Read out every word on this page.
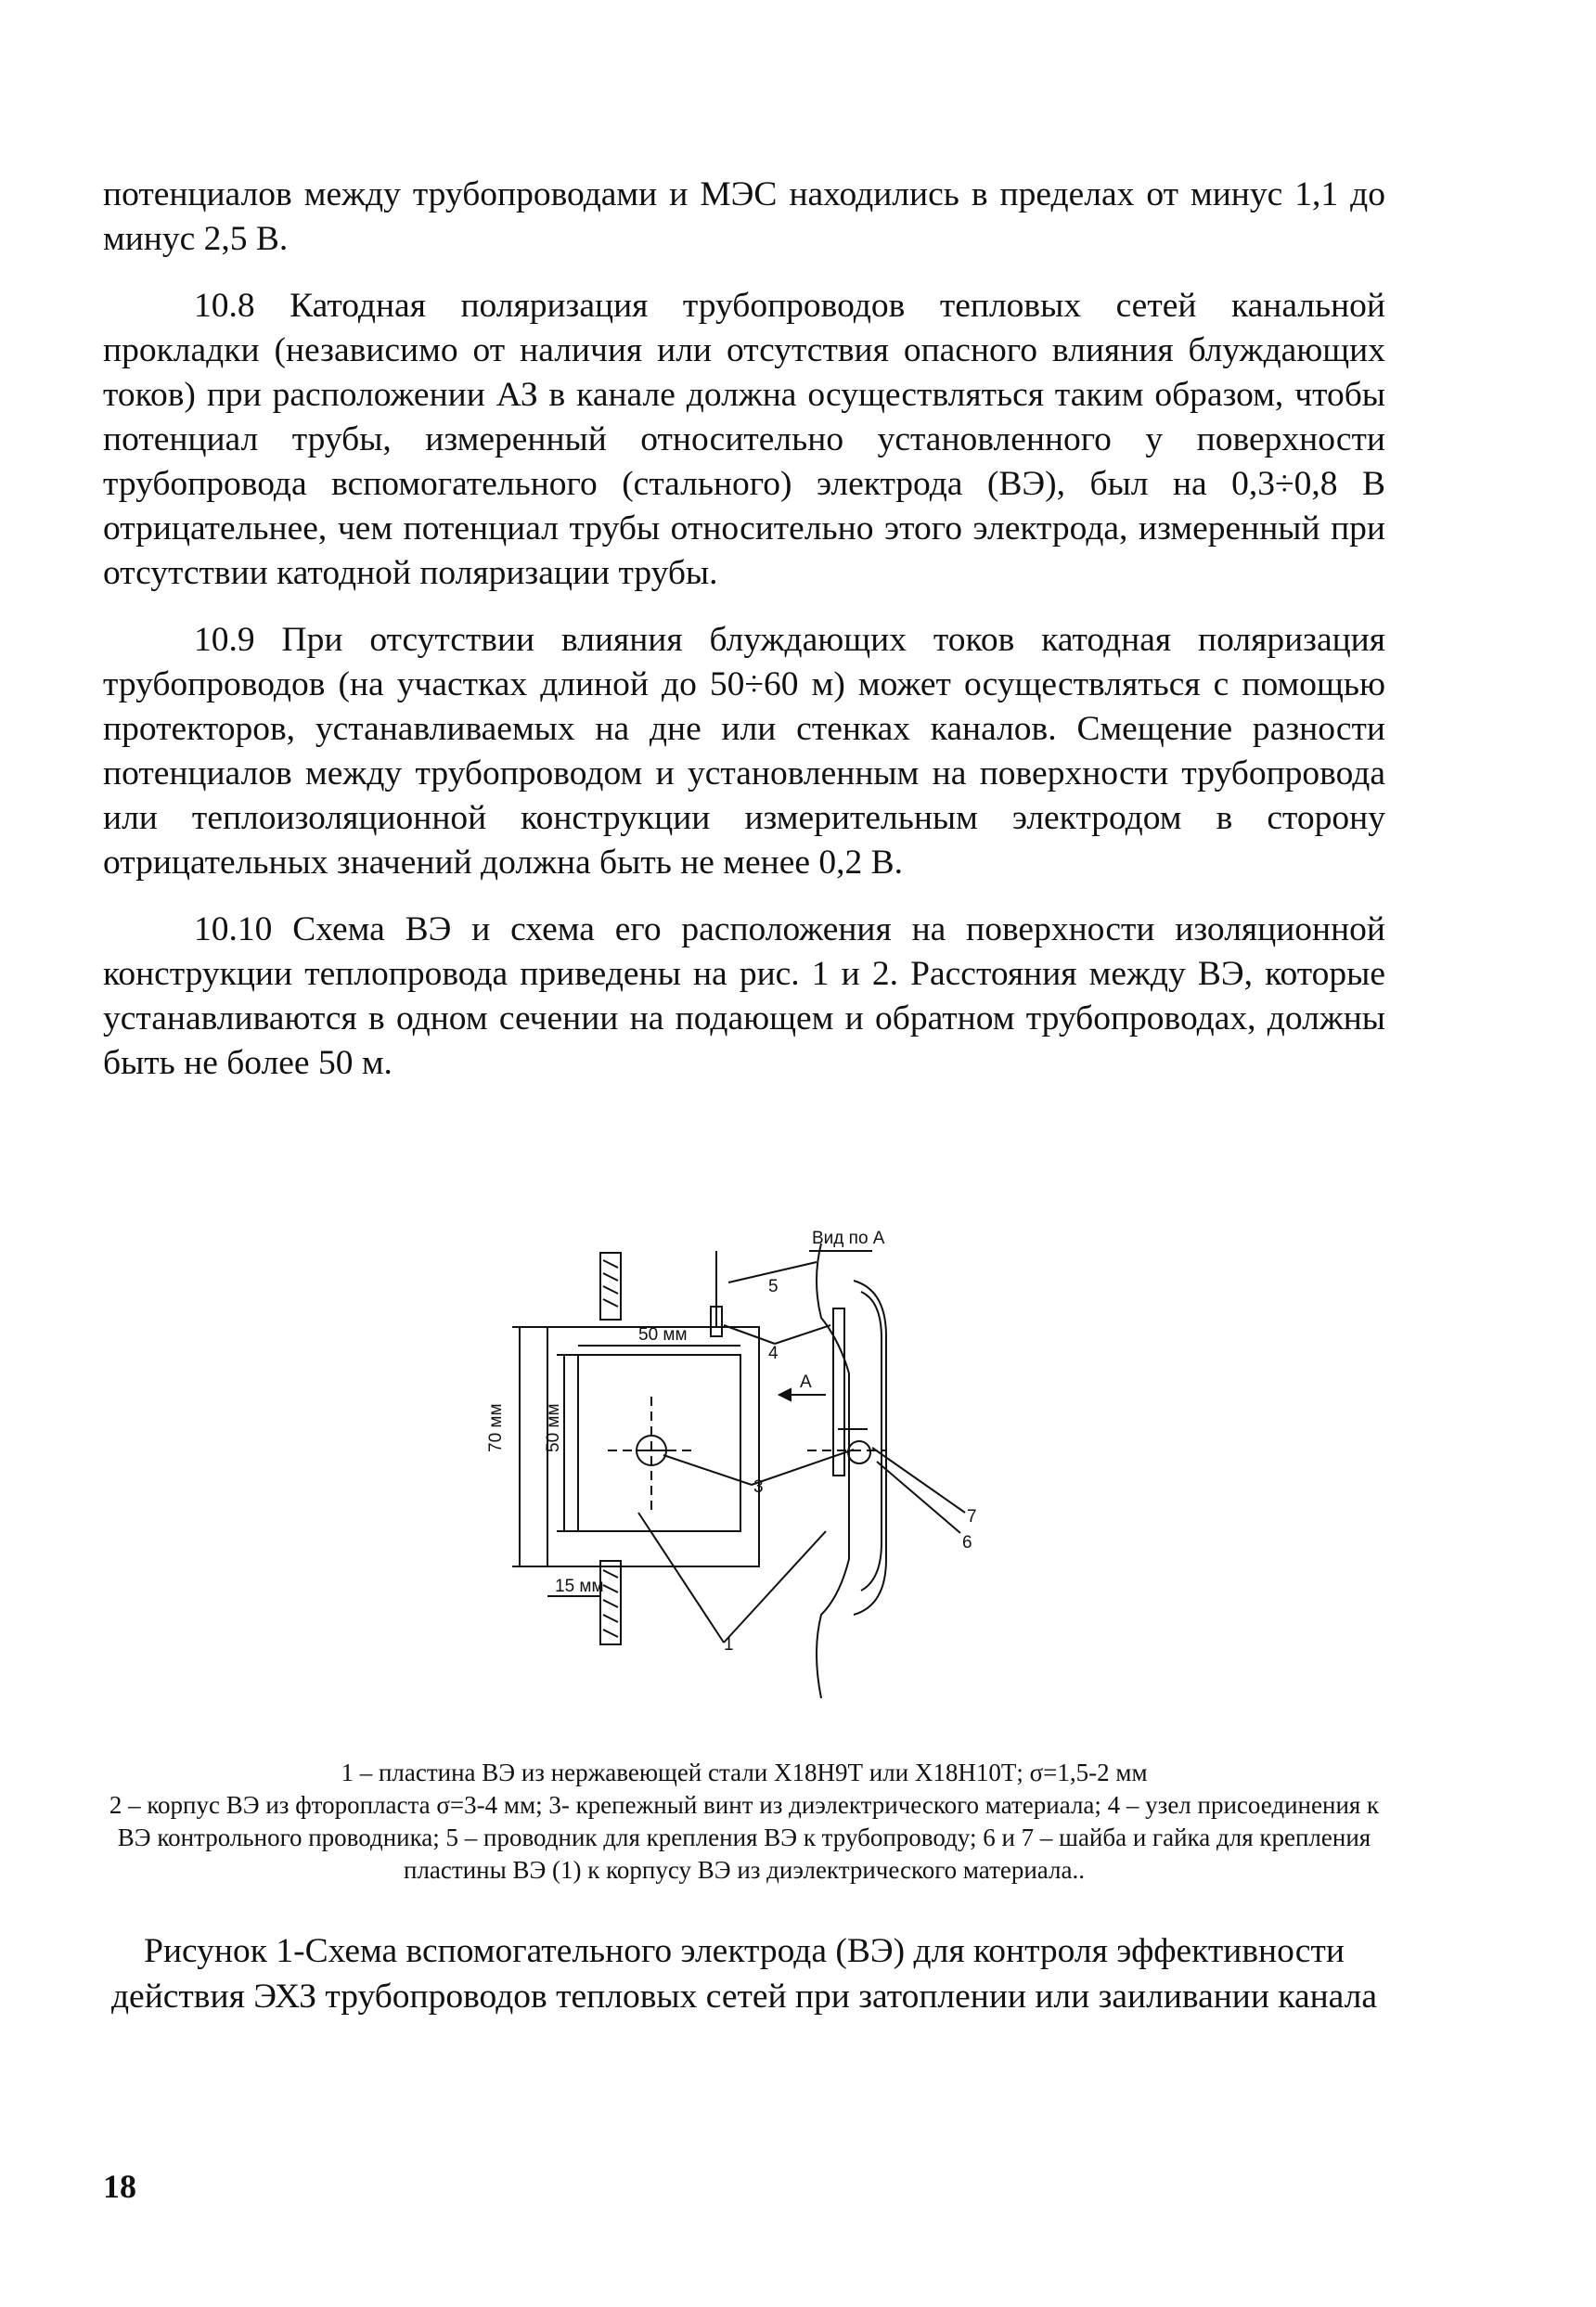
потенциалов между трубопроводами и МЭС находились в пределах от минус 1,1 до минус 2,5 В.

10.8 Катодная поляризация трубопроводов тепловых сетей канальной прокладки (независимо от наличия или отсутствия опасного влияния блуждающих токов) при расположении АЗ в канале должна осуществляться таким образом, чтобы потенциал трубы, измеренный относительно установленного у поверхности трубопровода вспомогательного (стального) электрода (ВЭ), был на 0,3÷0,8 В отрицательнее, чем потенциал трубы относительно этого электрода, измеренный при отсутствии катодной поляризации трубы.

10.9 При отсутствии влияния блуждающих токов катодная поляризация трубопроводов (на участках длиной до 50÷60 м) может осуществляться с помощью протекторов, устанавливаемых на дне или стенках каналов. Смещение разности потенциалов между трубопроводом и установленным на поверхности трубопровода или теплоизоляционной конструкции измерительным электродом в сторону отрицательных значений должна быть не менее 0,2 В.

10.10 Схема ВЭ и схема его расположения на поверхности изоляционной конструкции теплопровода приведены на рис. 1 и 2. Расстояния между ВЭ, которые устанавливаются в одном сечении на подающем и обратном трубопроводах, должны быть не более 50 м.

Вид по А
50 мм
70 мм 50 мм
15 мм
А
1
3
4
5
6
7
1 – пластина ВЭ из нержавеющей стали Х18Н9Т или Х18Н10Т; σ=1,5-2 мм
2 – корпус ВЭ из фторопласта σ=3-4 мм; 3- крепежный винт из диэлектрического материала; 4 – узел присоединения к ВЭ контрольного проводника; 5 – проводник для крепления ВЭ к трубопроводу; 6 и 7 – шайба и гайка для крепления пластины ВЭ (1) к корпусу ВЭ из диэлектрического материала..
Рисунок 1-Схема вспомогательного электрода (ВЭ) для контроля эффективности действия ЭХЗ трубопроводов тепловых сетей при затоплении или заиливании канала
18
